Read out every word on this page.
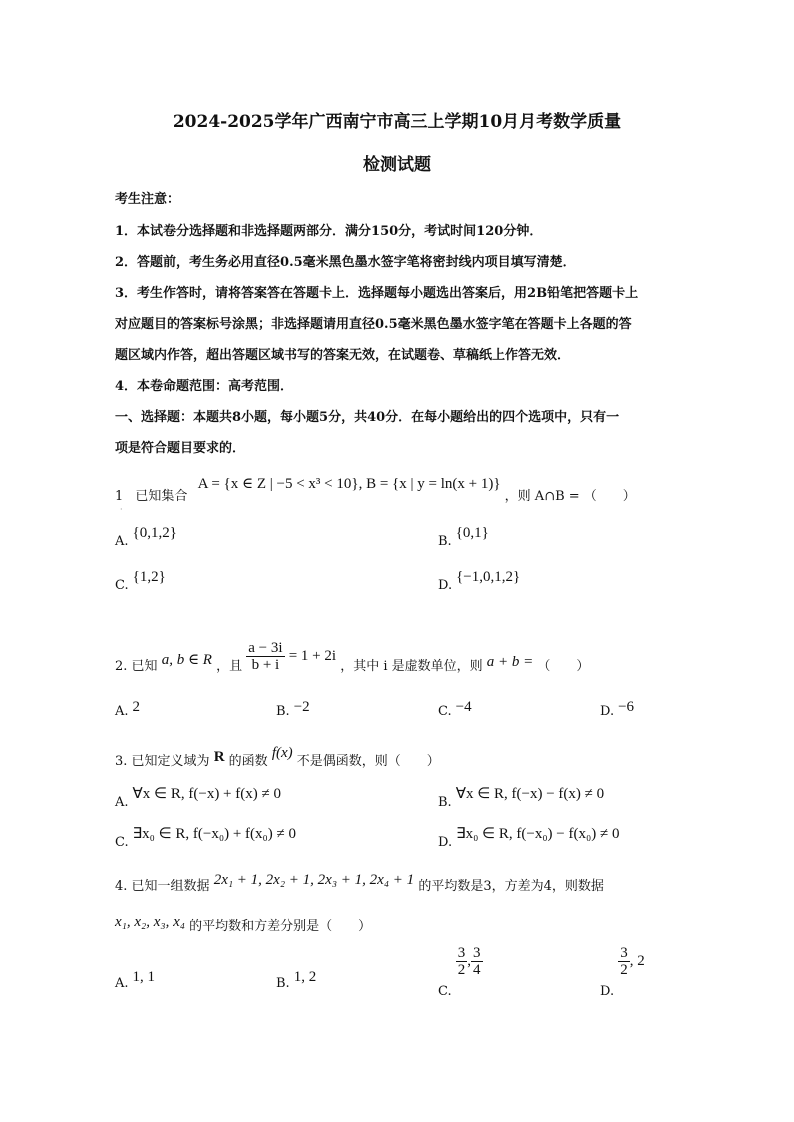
2024-2025学年广西南宁市高三上学期10月月考数学质量
检测试题
考生注意：
1．本试卷分选择题和非选择题两部分．满分150分，考试时间120分钟．
2．答题前，考生务必用直径0.5毫米黑色墨水签字笔将密封线内项目填写清楚．
3．考生作答时，请将答案答在答题卡上．选择题每小题选出答案后，用2B铅笔把答题卡上
对应题目的答案标号涂黑；非选择题请用直径0.5毫米黑色墨水签字笔在答题卡上各题的答
题区域内作答，超出答题区域书写的答案无效，在试题卷、草稿纸上作答无效．
4．本卷命题范围：高考范围．
一、选择题：本题共8小题，每小题5分，共40分．在每小题给出的四个选项中，只有一
项是符合题目要求的．
1 已知集合 A = {x ∈ Z | −5 < x³ < 10}, B = {x | y = ln(x + 1)} ，则 A∩B = （　　）
·
A.{0,1,2}
B.{0,1}
C.{1,2}
D.{−1,0,1,2}
2. 已知 a, b ∈ R ，且 $\frac{a - 3i}{b + i} = 1 + 2i$ ，其中 i 是虚数单位，则 a + b = （　　）
A. 2	B. −2	C. −4	D. −6
3. 已知定义域为 R 的函数 f(x) 不是偶函数，则（　　）
A.∀x ∈ R, f(−x) + f(x) ≠ 0
B.∀x ∈ R, f(−x) − f(x) ≠ 0
C.∃x₀ ∈ R, f(−x₀) + f(x₀) ≠ 0
D.∃x₀ ∈ R, f(−x₀) − f(x₀) ≠ 0
4. 已知一组数据 2x₁ + 1, 2x₂ + 1, 2x₃ + 1, 2x₄ + 1 的平均数是3，方差为4，则数据
x₁, x₂, x₃, x₄ 的平均数和方差分别是（　　）
A. 1, 1	B. 1, 2
C.
$\frac{3}{2}$ , $\frac{3}{4}$
D.
$\frac{3}{2}$ , 2
